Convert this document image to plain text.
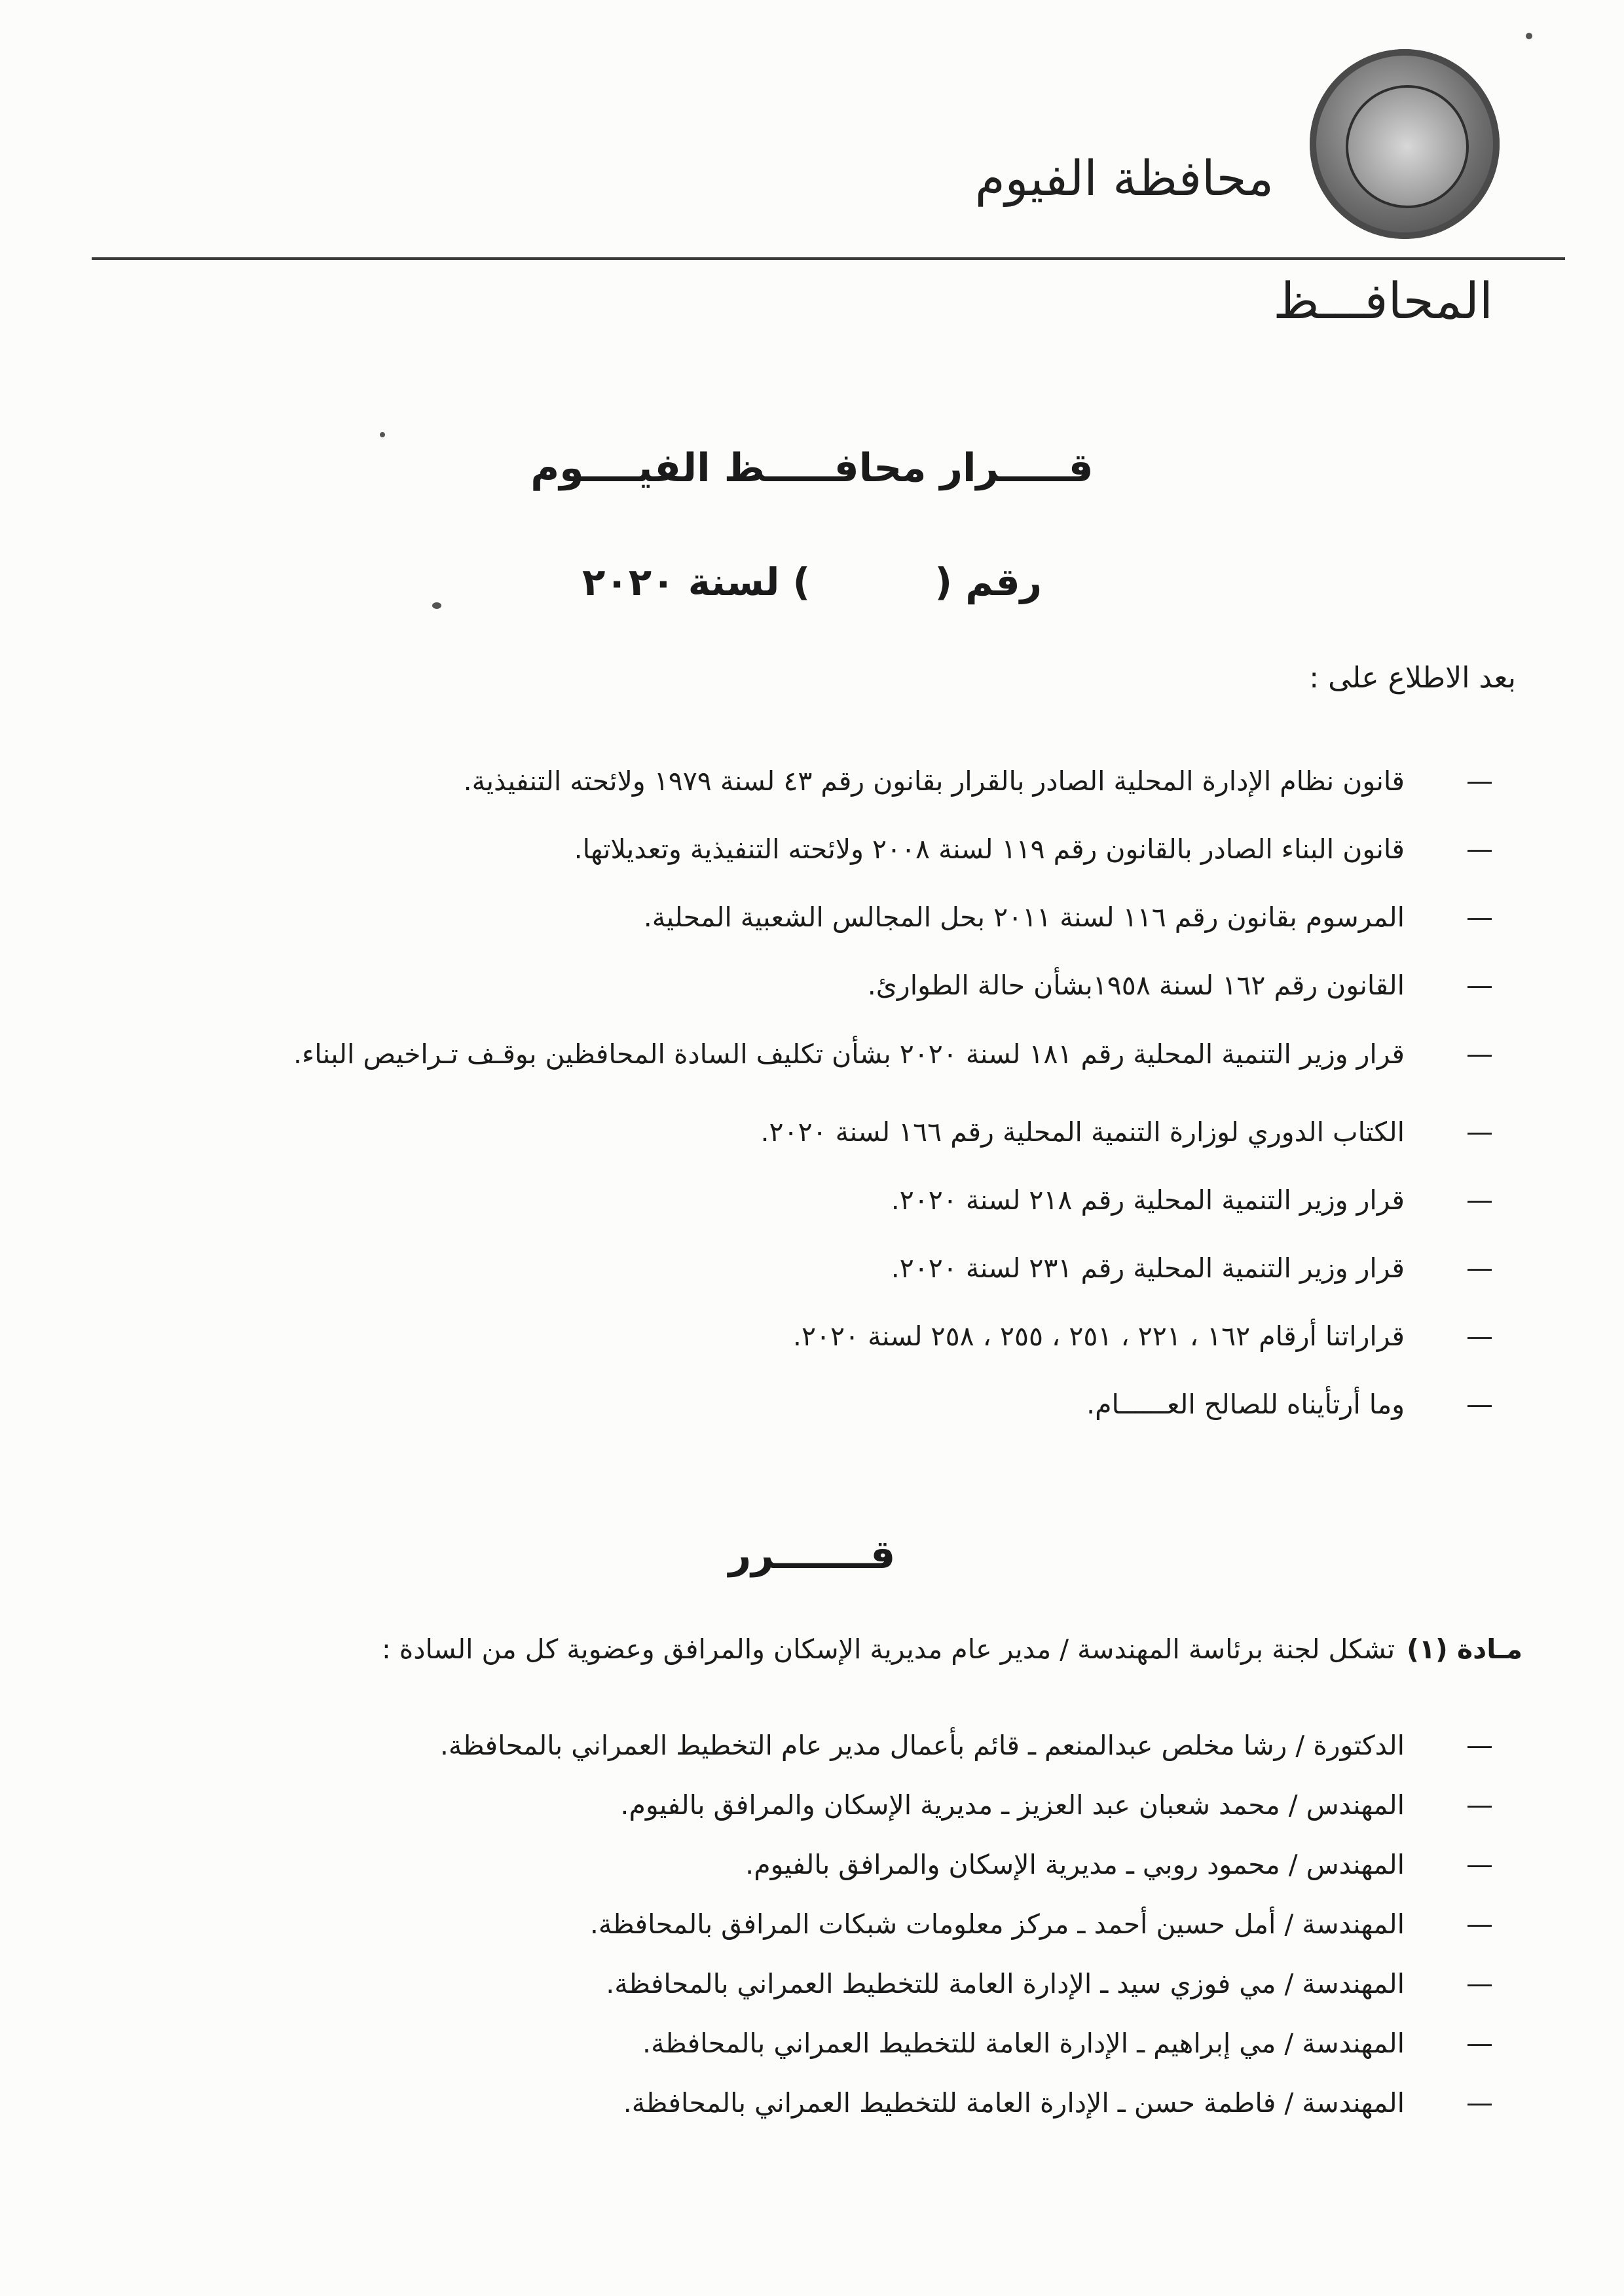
محافظة الفيوم
المحافـــظ
قـــــرار محافـــــظ الفيــــوم
رقم (  ) لسنة ٢٠٢٠
بعد الاطلاع على :
—
قانون نظام الإدارة المحلية الصادر بالقرار بقانون رقم ٤٣ لسنة ١٩٧٩ ولائحته التنفيذية.
—
قانون البناء الصادر بالقانون رقم ١١٩ لسنة ٢٠٠٨ ولائحته التنفيذية وتعديلاتها.
—
المرسوم بقانون رقم ١١٦ لسنة ٢٠١١ بحل المجالس الشعبية المحلية.
—
القانون رقم ١٦٢ لسنة ١٩٥٨بشأن حالة الطوارئ.
—
قرار وزير التنمية المحلية رقم ١٨١ لسنة ٢٠٢٠ بشأن تكليف السادة المحافظين بوقـف تـراخيص البناء.
—
الكتاب الدوري لوزارة التنمية المحلية رقم ١٦٦ لسنة ٢٠٢٠.
—
قرار وزير التنمية المحلية رقم ٢١٨ لسنة ٢٠٢٠.
—
قرار وزير التنمية المحلية رقم ٢٣١ لسنة ٢٠٢٠.
—
قراراتنا أرقام ١٦٢ ، ٢٢١ ، ٢٥١ ، ٢٥٥ ، ٢٥٨ لسنة ٢٠٢٠.
—
وما أرتأيناه للصالح العــــــام.
قـــــــرر
مـادة (١)تشكل لجنة برئاسة المهندسة / مدير عام مديرية الإسكان والمرافق وعضوية كل من السادة :
—
الدكتورة / رشا مخلص عبدالمنعم ـ قائم بأعمال مدير عام التخطيط العمراني بالمحافظة.
—
المهندس / محمد شعبان عبد العزيز ـ مديرية الإسكان والمرافق بالفيوم.
—
المهندس / محمود روبي ـ مديرية الإسكان والمرافق بالفيوم.
—
المهندسة / أمل حسين أحمد ـ مركز معلومات شبكات المرافق بالمحافظة.
—
المهندسة / مي فوزي سيد ـ الإدارة العامة للتخطيط العمراني بالمحافظة.
—
المهندسة / مي إبراهيم ـ الإدارة العامة للتخطيط العمراني بالمحافظة.
—
المهندسة / فاطمة حسن ـ الإدارة العامة للتخطيط العمراني بالمحافظة.
